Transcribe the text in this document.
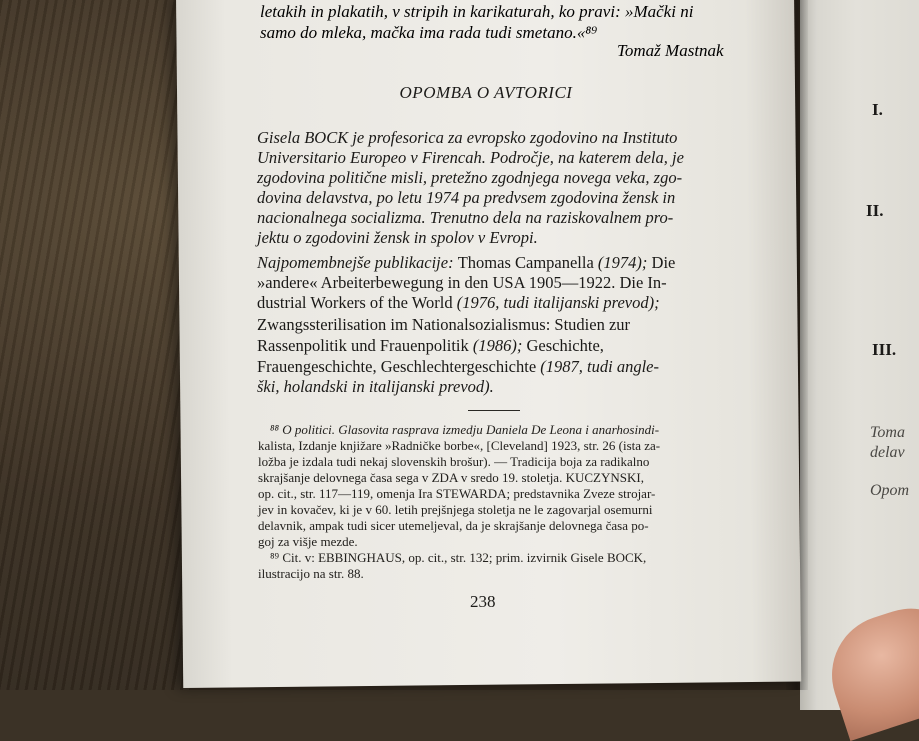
letakih in plakatih, v stripih in karikaturah, ko pravi: »Mački ni
samo do mleka, mačka ima rada tudi smetano.«⁸⁹
Tomaž Mastnak
OPOMBA O AVTORICI
Gisela BOCK je profesorica za evropsko zgodovino na Instituto
Universitario Europeo v Firencah. Področje, na katerem dela, je
zgodovina politične misli, pretežno zgodnjega novega veka, zgo-
dovina delavstva, po letu 1974 pa predvsem zgodovina žensk in
nacionalnega socializma. Trenutno dela na raziskovalnem pro-
jektu o zgodovini žensk in spolov v Evropi.
Najpomembnejše publikacije: Thomas Campanella (1974); Die
»andere« Arbeiterbewegung in den USA 1905—1922. Die In-
dustrial Workers of the World (1976, tudi italijanski prevod);
Zwangssterilisation im Nationalsozialismus: Studien zur
Rassenpolitik und Frauenpolitik (1986); Geschichte,
Frauengeschichte, Geschlechtergeschichte (1987, tudi angle-
ški, holandski in italijanski prevod).
⁸⁸ O politici. Glasovita rasprava izmedju Daniela De Leona i anarhosindi-
kalista, Izdanje knjižare »Radničke borbe«, [Cleveland] 1923, str. 26 (ista za-
ložba je izdala tudi nekaj slovenskih brošur). — Tradicija boja za radikalno
skrajšanje delovnega časa sega v ZDA v sredo 19. stoletja. KUCZYNSKI,
op. cit., str. 117—119, omenja Ira STEWARDA; predstavnika Zveze strojar-
jev in kovačev, ki je v 60. letih prejšnjega stoletja ne le zagovarjal osemurni
delavnik, ampak tudi sicer utemeljeval, da je skrajšanje delovnega časa po-
goj za višje mezde.
⁸⁹ Cit. v: EBBINGHAUS, op. cit., str. 132; prim. izvirnik Gisele BOCK,
ilustracijo na str. 88.
238
I.
II.
III.
Toma
delav
Opom
